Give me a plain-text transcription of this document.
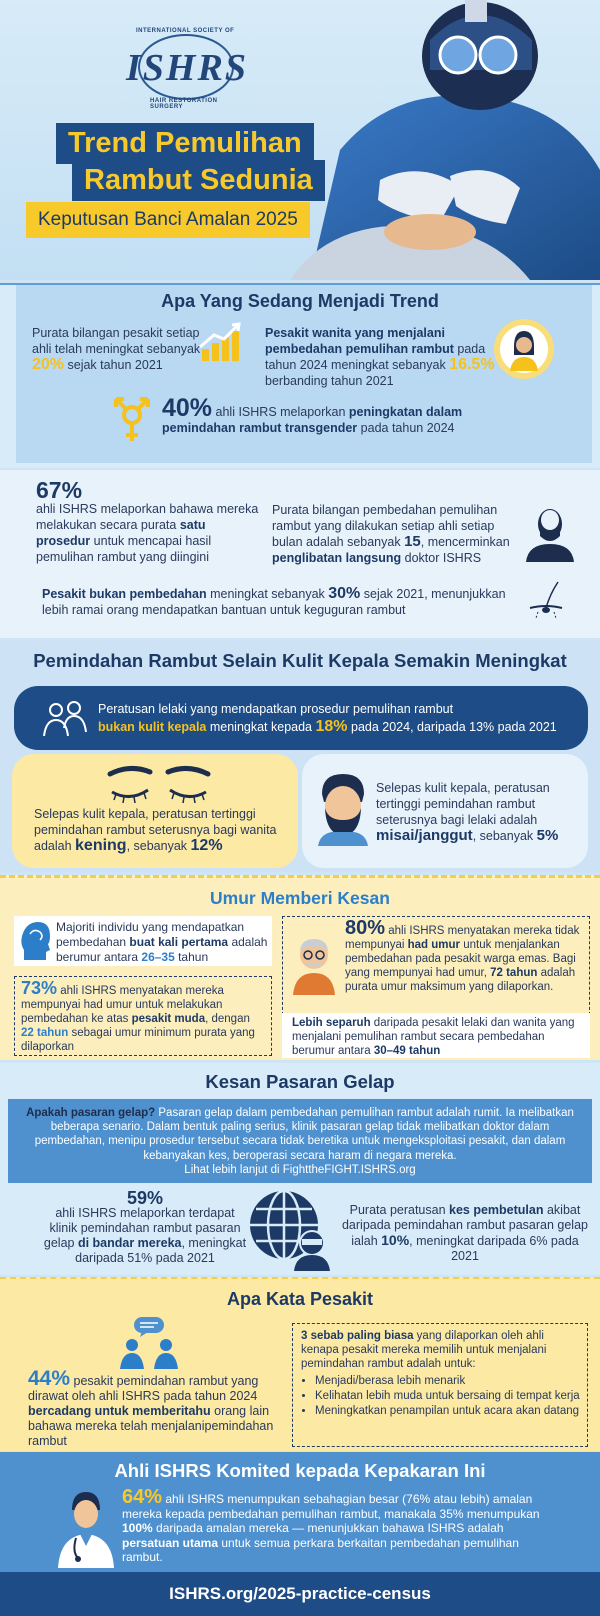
INTERNATIONAL SOCIETY OF
ISHRS
HAIR RESTORATION SURGERY
Trend Pemulihan
Rambut Sedunia
Keputusan Banci Amalan 2025
Apa Yang Sedang Menjadi Trend
Purata bilangan pesakit setiap ahli telah meningkat sebanyak 20% sejak tahun 2021
Pesakit wanita yang menjalani pembedahan pemulihan rambut pada tahun 2024 meningkat sebanyak 16.5% berbanding tahun 2021
40% ahli ISHRS melaporkan peningkatan dalam pemindahan rambut transgender pada tahun 2024
67%
ahli ISHRS melaporkan bahawa mereka melakukan secara purata satu prosedur untuk mencapai hasil pemulihan rambut yang diingini
Purata bilangan pembedahan pemulihan rambut yang dilakukan setiap ahli setiap bulan adalah sebanyak 15, mencerminkan penglibatan langsung doktor ISHRS
Pesakit bukan pembedahan meningkat sebanyak 30% sejak 2021, menunjukkan lebih ramai orang mendapatkan bantuan untuk keguguran rambut
Pemindahan Rambut Selain Kulit Kepala Semakin Meningkat
Peratusan lelaki yang mendapatkan prosedur pemulihan rambut
bukan kulit kepala meningkat kepada 18% pada 2024, daripada 13% pada 2021
Selepas kulit kepala, peratusan tertinggi pemindahan rambut seterusnya bagi wanita adalah kening, sebanyak 12%
Selepas kulit kepala, peratusan tertinggi pemindahan rambut seterusnya bagi lelaki adalah misai/janggut, sebanyak 5%
Umur Memberi Kesan
Majoriti individu yang mendapatkan pembedahan buat kali pertama adalah berumur antara 26–35 tahun
73% ahli ISHRS menyatakan mereka mempunyai had umur untuk melakukan pembedahan ke atas pesakit muda, dengan 22 tahun sebagai umur minimum purata yang dilaporkan
80% ahli ISHRS menyatakan mereka tidak mempunyai had umur untuk menjalankan pembedahan pada pesakit warga emas. Bagi yang mempunyai had umur, 72 tahun adalah purata umur maksimum yang dilaporkan.
Lebih separuh daripada pesakit lelaki dan wanita yang menjalani pemulihan rambut secara pembedahan berumur antara 30–49 tahun
Kesan Pasaran Gelap
Apakah pasaran gelap? Pasaran gelap dalam pembedahan pemulihan rambut adalah rumit. Ia melibatkan beberapa senario. Dalam bentuk paling serius, klinik pasaran gelap tidak melibatkan doktor dalam pembedahan, menipu prosedur tersebut secara tidak beretika untuk mengeksploitasi pesakit, dan dalam kebanyakan kes, beroperasi secara haram di negara mereka.
Lihat lebih lanjut di FighttheFIGHT.ISHRS.org
59%
ahli ISHRS melaporkan terdapat klinik pemindahan rambut pasaran gelap di bandar mereka, meningkat daripada 51% pada 2021
Purata peratusan kes pembetulan akibat daripada pemindahan rambut pasaran gelap ialah 10%, meningkat daripada 6% pada 2021
Apa Kata Pesakit
44% pesakit pemindahan rambut yang dirawat oleh ahli ISHRS pada tahun 2024 bercadang untuk memberitahu orang lain bahawa mereka telah menjalanipemindahan rambut
3 sebab paling biasa yang dilaporkan oleh ahli kenapa pesakit mereka memilih untuk menjalani pemindahan rambut adalah untuk:
• Menjadi/berasa lebih menarik
• Kelihatan lebih muda untuk bersaing di tempat kerja
• Meningkatkan penampilan untuk acara akan datang
Ahli ISHRS Komited kepada Kepakaran Ini
64% ahli ISHRS menumpukan sebahagian besar (76% atau lebih) amalan mereka kepada pembedahan pemulihan rambut, manakala 35% menumpukan 100% daripada amalan mereka — menunjukkan bahawa ISHRS adalah persatuan utama untuk semua perkara berkaitan pembedahan pemulihan rambut.
ISHRS.org/2025-practice-census
